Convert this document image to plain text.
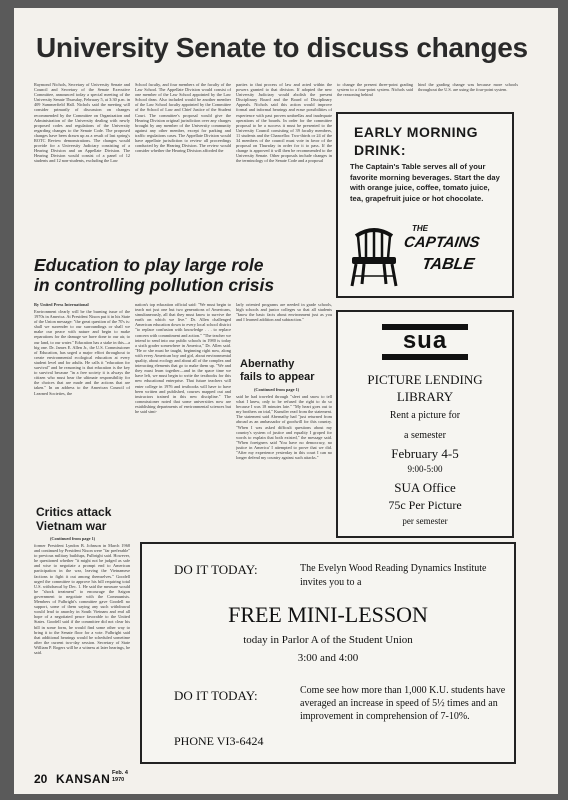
University Senate to discuss changes

Raymond Nichols, Secretary of University Senate and Council and Secretary of the Senate Executive Committee, announced today a special meeting of the University Senate Thursday, February 5, at 3:30 p.m. in 409 Summerfield Hall. Nichols said the meeting will consider primarily of discussion on changes recommended by the Committee on Organization and Administration of the University dealing with newly proposed codes and regulations of the University regarding changes to the Senate Code. The proposed changes have been drawn up as a result of last spring's ROTC Review demonstrations. The changes would provide for a University Judiciary consisting of a Hearing Division and an Appellate Division. The Hearing Division would consist of a panel of 12 students and 12 non-students, excluding the Law

School faculty, and four members of the faculty of the Law School. The Appellate Division would consist of one member of the Law School appointed by the Law School dean. Also included would be another member of the Law School faculty appointed by the Committee of the School of Law and Chief Justice of the Student Court. The committee's proposal would give the Hearing Division original jurisdiction over any charges brought by any member of the University community against any other member, except for parking and traffic regulations cases. The Appellate Division would have appellate jurisdiction to review all proceedings conducted by the Hearing Division. The review would consider whether the Hearing Division afforded the

parties to that process of law and acted within the powers granted to that division. If adopted the new University Judiciary would abolish the present Disciplinary Board and the Board of Disciplinary Appeals. Nichols said this action would improve formal and informal hearings and erase possibilities of experience with past proven umbrellas and inadequate operations of the boards. In order for the committee proposal to be a success it must be presented to the University Council consisting of 39 faculty members, 11 students and the Chancellor. Two-thirds or 24 of the 34 members of the council must vote in favor of the proposal on Thursday in order for it to pass. If the change is approved it will then be recommended to the University Senate. Other proposals include changes in the terminology of the Senate Code and a proposal

to change the present three-point grading system to a four-point system. Nichols said the reasoning behind

hind the grading change was because more schools throughout the U.S. are using the four-point system.

EARLY MORNING
DRINK:
The Captain's Table serves all of your favorite morning beverages. Start the day with orange juice, coffee, tomato juice, tea, grapefruit juice or hot chocolate.
THE
CAPTAINS
TABLE
Education to play large role
in controlling pollution crisis

By United Press International

Environment clearly will be the burning issue of the 1970s in America. At President Nixon put it in his State of the Union message: "the great question of the 70's is: shall we surrender to our surroundings or shall we make our peace with nature and begin to make reparations for the damage we have done to our air, to our land, to our water." Education has a stake in this—a big one. Dr. James E. Allen Jr., the U.S. Commissioner of Education, has urged a major effort throughout to create environmental ecological education at every student level and for adults. He calls it "education for survival" and he reasoning is that education is the key to survival because "in a free society it is always the citizen who must bear the ultimate responsibility for the choices that are made and the actions that are taken." In an address to the American Council of Learned Societies, the

nation's top education official said: "We must begin to teach not just one but two generations of Americans, simultaneously, all that they must know to survive the earth on which we live." Dr. Allen challenged American education down to every local school district "to replace confusion with knowledge . . . to replace concern with commitment and action." "The teacher we intend to send into our public schools in 1980 is today a sixth grader somewhere in America," Dr. Allen said. "He or she must be taught, beginning right now, along with every American boy and girl, about environmental quality, about ecology and about all of the complex and interacting elements that go to make them up. "We and they must learn together—and in the space time we have left, we must begin to write the textbooks for this new educational enterprise. That future teachers will enter college in 1976 and textbooks will have to have been written and published, courses mapped out and instructors trained in this new discipline." The commissioner noted that some universities now are establishing departments of environmental sciences but he said simi-

larly oriented programs are needed in grade schools, high schools and junior colleges so that all students "know the basic facts about environment just as you and I learned addition and subtraction."

Abernathy
fails to appear

(Continued from page 1)

said he had traveled through "sleet and snow to tell what I knew, only to be refused the right to do so because I was 18 minutes late." "My heart goes out to my brothers on trial," Kunstler read from the statement. The statement said Abernathy had "just returned from abroad as an ambassador of goodwill for this country. "When I was asked difficult questions about my country's system of justice and equality I groped for words to explain that both existed," the message said. "When foreigners said 'You have no democracy, no justice in America' I attempted to prove that we did. "After my experience yesterday in this court I can no longer defend my country against such attacks."

sua
PICTURE LENDING
LIBRARY
Rent a picture for
a semester
February 4-5
9:00-5:00
SUA Office
75c Per Picture
per semester
Critics attack
Vietnam war

(Continued from page 1)

former President Lyndon B. Johnson in March 1968 and continued by President Nixon were "far preferable" to previous military buildups, Fulbright said. However, he questioned whether "it might not be judged as safe and wise to negotiate a prompt end to American participation in the war, leaving the Vietnamese factions to fight it out among themselves." Goodell urged the committee to approve his bill requiring total U.S. withdrawal by Dec. 1. He said the measure would be "shock treatment" to encourage the Saigon government to negotiate with the Communists. Members of Fulbright's committee gave Goodell no support, some of them saying any such withdrawal would lead to anarchy in South Vietnam and end all hope of a negotiated peace favorable to the United States. Goodell said if the committee did not clear his bill in some form, he would find some other way to bring it to the Senate floor for a vote. Fulbright said that additional hearings would be scheduled sometime after the current two-day session. Secretary of State William P. Rogers will be a witness at later hearings, he said.

DO IT TODAY:	The Evelyn Wood Reading Dynamics Institute invites you to a
FREE MINI-LESSON
today in Parlor A of the Student Union
3:00 and 4:00
DO IT TODAY:	Come see how more than 1,000 K.U. students have averaged an increase in speed of 5½ times and an improvement in comprehension of 7-10%.
PHONE VI3-6424
20 KANSAN Feb. 4
1970
